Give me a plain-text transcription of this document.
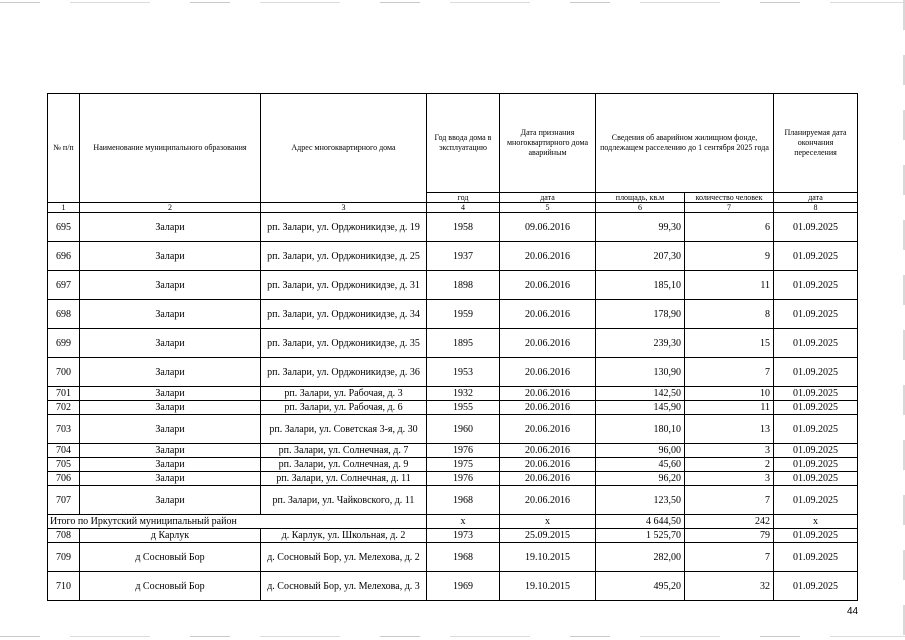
№ п/п	Наименование муниципального образования	Адрес многоквартирного дома	Год ввода дома в эксплуатацию	Дата признания многоквартирного дома аварийным	Сведения об аварийном жилищном фонде, подлежащем расселению до 1 сентября 2025 года		Планируемая дата окончания переселения
			год	дата	площадь, кв.м	количество человек	дата
1	2	3	4	5	6	7	8
695	Залари	рп. Залари, ул. Орджоникидзе, д. 19	1958	09.06.2016	99,30	6	01.09.2025
696	Залари	рп. Залари, ул. Орджоникидзе, д. 25	1937	20.06.2016	207,30	9	01.09.2025
697	Залари	рп. Залари, ул. Орджоникидзе, д. 31	1898	20.06.2016	185,10	11	01.09.2025
698	Залари	рп. Залари, ул. Орджоникидзе, д. 34	1959	20.06.2016	178,90	8	01.09.2025
699	Залари	рп. Залари, ул. Орджоникидзе, д. 35	1895	20.06.2016	239,30	15	01.09.2025
700	Залари	рп. Залари, ул. Орджоникидзе, д. 36	1953	20.06.2016	130,90	7	01.09.2025
701	Залари	рп. Залари, ул. Рабочая, д. 3	1932	20.06.2016	142,50	10	01.09.2025
702	Залари	рп. Залари, ул. Рабочая, д. 6	1955	20.06.2016	145,90	11	01.09.2025
703	Залари	рп. Залари, ул. Советская 3-я, д. 30	1960	20.06.2016	180,10	13	01.09.2025
704	Залари	рп. Залари, ул. Солнечная, д. 7	1976	20.06.2016	96,00	3	01.09.2025
705	Залари	рп. Залари, ул. Солнечная, д. 9	1975	20.06.2016	45,60	2	01.09.2025
706	Залари	рп. Залари, ул. Солнечная, д. 11	1976	20.06.2016	96,20	3	01.09.2025
707	Залари	рп. Залари, ул. Чайковского, д. 11	1968	20.06.2016	123,50	7	01.09.2025
Итого по Иркутский муниципальный район			x	x	4 644,50	242	x
708	д Карлук	д. Карлук, ул. Школьная, д. 2	1973	25.09.2015	1 525,70	79	01.09.2025
709	д Сосновый Бор	д. Сосновый Бор, ул. Мелехова, д. 2	1968	19.10.2015	282,00	7	01.09.2025
710	д Сосновый Бор	д. Сосновый Бор, ул. Мелехова, д. 3	1969	19.10.2015	495,20	32	01.09.2025
44
